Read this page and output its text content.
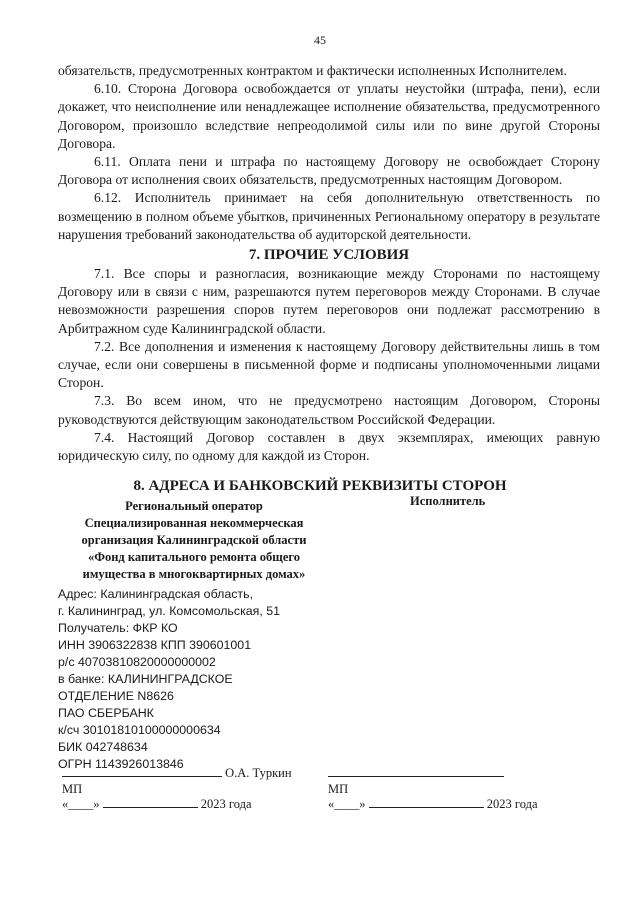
45

обязательств, предусмотренных контрактом и фактически исполненных Исполнителем.

6.10. Сторона Договора освобождается от уплаты неустойки (штрафа, пени), если докажет, что неисполнение или ненадлежащее исполнение обязательства, предусмотренного Договором, произошло вследствие непреодолимой силы или по вине другой Стороны Договора.

6.11. Оплата пени и штрафа по настоящему Договору не освобождает Сторону Договора от исполнения своих обязательств, предусмотренных настоящим Договором.

6.12. Исполнитель принимает на себя дополнительную ответственность по возмещению в полном объеме убытков, причиненных Региональному оператору в результате нарушения требований законодательства об аудиторской деятельности.

7. ПРОЧИЕ УСЛОВИЯ

7.1. Все споры и разногласия, возникающие между Сторонами по настоящему Договору или в связи с ним, разрешаются путем переговоров между Сторонами. В случае невозможности разрешения споров путем переговоров они подлежат рассмотрению в Арбитражном суде Калининградской области.

7.2. Все дополнения и изменения к настоящему Договору действительны лишь в том случае, если они совершены в письменной форме и подписаны уполномоченными лицами Сторон.

7.3. Во всем ином, что не предусмотрено настоящим Договором, Стороны руководствуются действующим законодательством Российской Федерации.

7.4. Настоящий Договор составлен в двух экземплярах, имеющих равную юридическую силу, по одному для каждой из Сторон.

8. АДРЕСА И БАНКОВСКИЙ РЕКВИЗИТЫ СТОРОН
Региональный оператор
Специализированная некоммерческая
организация Калининградской области
«Фонд капитального ремонта общего
имущества в многоквартирных домах»
Исполнитель
Адрес: Калининградская область,
г. Калининград, ул. Комсомольская, 51
Получатель: ФКР КО
ИНН 3906322838 КПП 390601001
р/с 40703810820000000002
в банке: КАЛИНИНГРАДСКОЕ
ОТДЕЛЕНИЕ N8626
ПАО СБЕРБАНК
к/сч 30101810100000000634
БИК 042748634
ОГРН 1143926013846
О.А. Туркин
МП
«____»	2023 года
МП
«____»	2023 года
